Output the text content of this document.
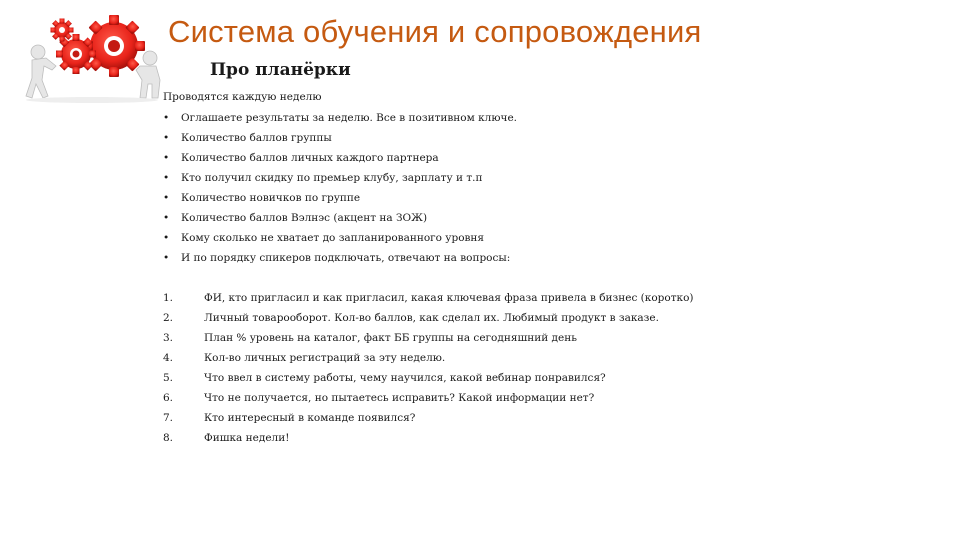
Система обучения и сопровождения
Про планёрки
Проводятся каждую неделю
• Оглашаете результаты за неделю. Все в позитивном ключе.
• Количество баллов группы
• Количество баллов личных каждого партнера
• Кто получил скидку по премьер клубу, зарплату и т.п
• Количество новичков по группе
• Количество баллов Вэлнэс (акцент на ЗОЖ)
• Кому сколько не хватает до запланированного уровня
• И по порядку спикеров подключать, отвечают на вопросы:
1.	ФИ, кто пригласил и как пригласил, какая ключевая фраза привела в бизнес (коротко)
2.	Личный товарооборот. Кол-во баллов, как сделал их. Любимый продукт в заказе.
3.	План % уровень на каталог, факт ББ группы на сегодняшний день
4.	Кол-во личных регистраций за эту неделю.
5.	Что ввел в систему работы, чему научился, какой вебинар понравился?
6.	Что не получается, но пытаетесь исправить? Какой информации нет?
7.	Кто интересный в команде появился?
8.	Фишка недели!
